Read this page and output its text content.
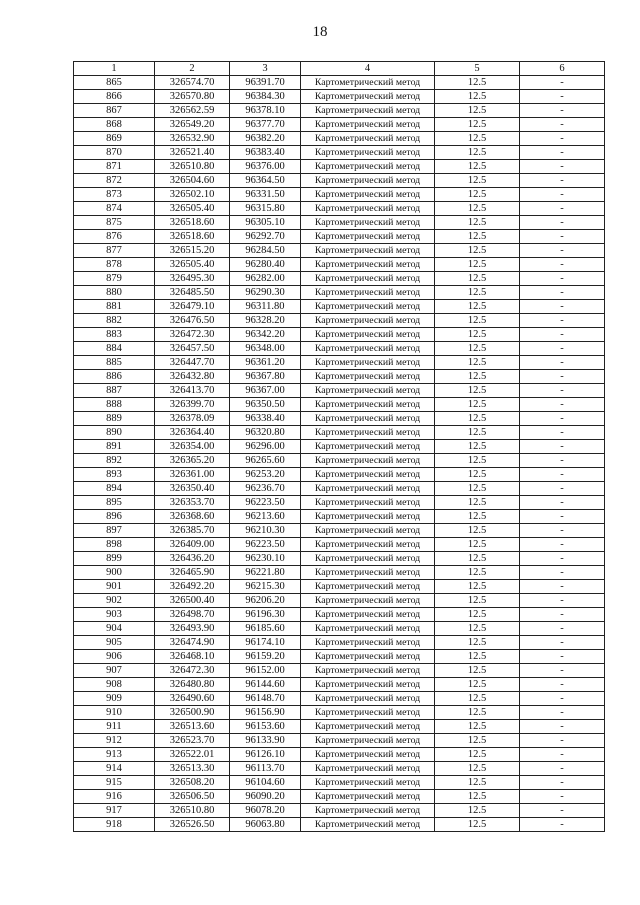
18
1	2	3	4	5	6
865	326574.70	96391.70	Картометрический метод	12.5	-
866	326570.80	96384.30	Картометрический метод	12.5	-
867	326562.59	96378.10	Картометрический метод	12.5	-
868	326549.20	96377.70	Картометрический метод	12.5	-
869	326532.90	96382.20	Картометрический метод	12.5	-
870	326521.40	96383.40	Картометрический метод	12.5	-
871	326510.80	96376.00	Картометрический метод	12.5	-
872	326504.60	96364.50	Картометрический метод	12.5	-
873	326502.10	96331.50	Картометрический метод	12.5	-
874	326505.40	96315.80	Картометрический метод	12.5	-
875	326518.60	96305.10	Картометрический метод	12.5	-
876	326518.60	96292.70	Картометрический метод	12.5	-
877	326515.20	96284.50	Картометрический метод	12.5	-
878	326505.40	96280.40	Картометрический метод	12.5	-
879	326495.30	96282.00	Картометрический метод	12.5	-
880	326485.50	96290.30	Картометрический метод	12.5	-
881	326479.10	96311.80	Картометрический метод	12.5	-
882	326476.50	96328.20	Картометрический метод	12.5	-
883	326472.30	96342.20	Картометрический метод	12.5	-
884	326457.50	96348.00	Картометрический метод	12.5	-
885	326447.70	96361.20	Картометрический метод	12.5	-
886	326432.80	96367.80	Картометрический метод	12.5	-
887	326413.70	96367.00	Картометрический метод	12.5	-
888	326399.70	96350.50	Картометрический метод	12.5	-
889	326378.09	96338.40	Картометрический метод	12.5	-
890	326364.40	96320.80	Картометрический метод	12.5	-
891	326354.00	96296.00	Картометрический метод	12.5	-
892	326365.20	96265.60	Картометрический метод	12.5	-
893	326361.00	96253.20	Картометрический метод	12.5	-
894	326350.40	96236.70	Картометрический метод	12.5	-
895	326353.70	96223.50	Картометрический метод	12.5	-
896	326368.60	96213.60	Картометрический метод	12.5	-
897	326385.70	96210.30	Картометрический метод	12.5	-
898	326409.00	96223.50	Картометрический метод	12.5	-
899	326436.20	96230.10	Картометрический метод	12.5	-
900	326465.90	96221.80	Картометрический метод	12.5	-
901	326492.20	96215.30	Картометрический метод	12.5	-
902	326500.40	96206.20	Картометрический метод	12.5	-
903	326498.70	96196.30	Картометрический метод	12.5	-
904	326493.90	96185.60	Картометрический метод	12.5	-
905	326474.90	96174.10	Картометрический метод	12.5	-
906	326468.10	96159.20	Картометрический метод	12.5	-
907	326472.30	96152.00	Картометрический метод	12.5	-
908	326480.80	96144.60	Картометрический метод	12.5	-
909	326490.60	96148.70	Картометрический метод	12.5	-
910	326500.90	96156.90	Картометрический метод	12.5	-
911	326513.60	96153.60	Картометрический метод	12.5	-
912	326523.70	96133.90	Картометрический метод	12.5	-
913	326522.01	96126.10	Картометрический метод	12.5	-
914	326513.30	96113.70	Картометрический метод	12.5	-
915	326508.20	96104.60	Картометрический метод	12.5	-
916	326506.50	96090.20	Картометрический метод	12.5	-
917	326510.80	96078.20	Картометрический метод	12.5	-
918	326526.50	96063.80	Картометрический метод	12.5	-
